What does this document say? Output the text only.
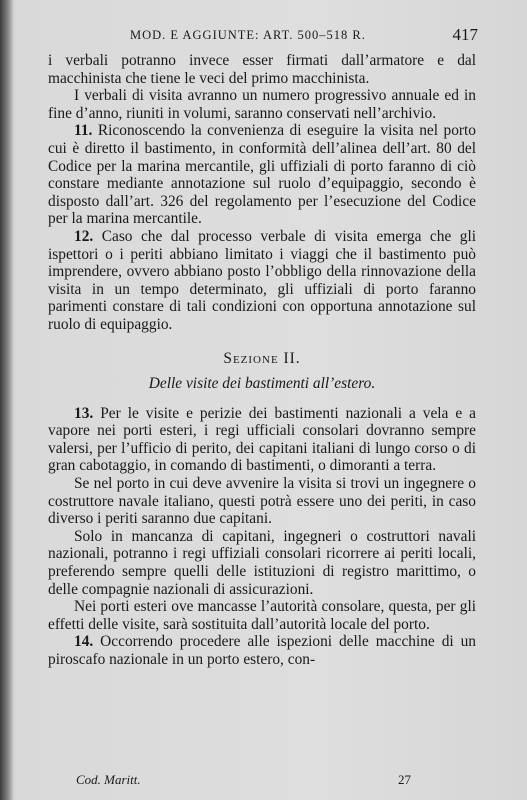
MOD. E AGGIUNTE: ART. 500–518 R.	417

i verbali potranno invece esser firmati dall’armatore e dal macchinista che tiene le veci del primo macchinista.

I verbali di visita avranno un numero progressivo annuale ed in fine d’anno, riuniti in volumi, saranno conservati nell’archivio.

11. Riconoscendo la convenienza di eseguire la visita nel porto cui è diretto il bastimento, in conformità dell’alinea dell’art. 80 del Codice per la marina mercantile, gli uffiziali di porto faranno di ciò constare mediante annotazione sul ruolo d’equipaggio, secondo è disposto dall’art. 326 del regolamento per l’esecuzione del Codice per la marina mercantile.

12. Caso che dal processo verbale di visita emerga che gli ispettori o i periti abbiano limitato i viaggi che il bastimento può imprendere, ovvero abbiano posto l’obbligo della rinnovazione della visita in un tempo determinato, gli uffiziali di porto faranno parimenti constare di tali condizioni con opportuna annotazione sul ruolo di equipaggio.

Sezione II.
Delle visite dei bastimenti all’estero.

13. Per le visite e perizie dei bastimenti nazionali a vela e a vapore nei porti esteri, i regi ufficiali consolari dovranno sempre valersi, per l’ufficio di perito, dei capitani italiani di lungo corso o di gran cabotaggio, in comando di bastimenti, o dimoranti a terra.

Se nel porto in cui deve avvenire la visita si trovi un ingegnere o costruttore navale italiano, questi potrà essere uno dei periti, in caso diverso i periti saranno due capitani.

Solo in mancanza di capitani, ingegneri o costruttori navali nazionali, potranno i regi uffiziali consolari ricorrere ai periti locali, preferendo sempre quelli delle istituzioni di registro marittimo, o delle compagnie nazionali di assicurazioni.

Nei porti esteri ove mancasse l’autorità consolare, questa, per gli effetti delle visite, sarà sostituita dall’autorità locale del porto.

14. Occorrendo procedere alle ispezioni delle macchine di un piroscafo nazionale in un porto estero, con-

Cod. Maritt.	27
